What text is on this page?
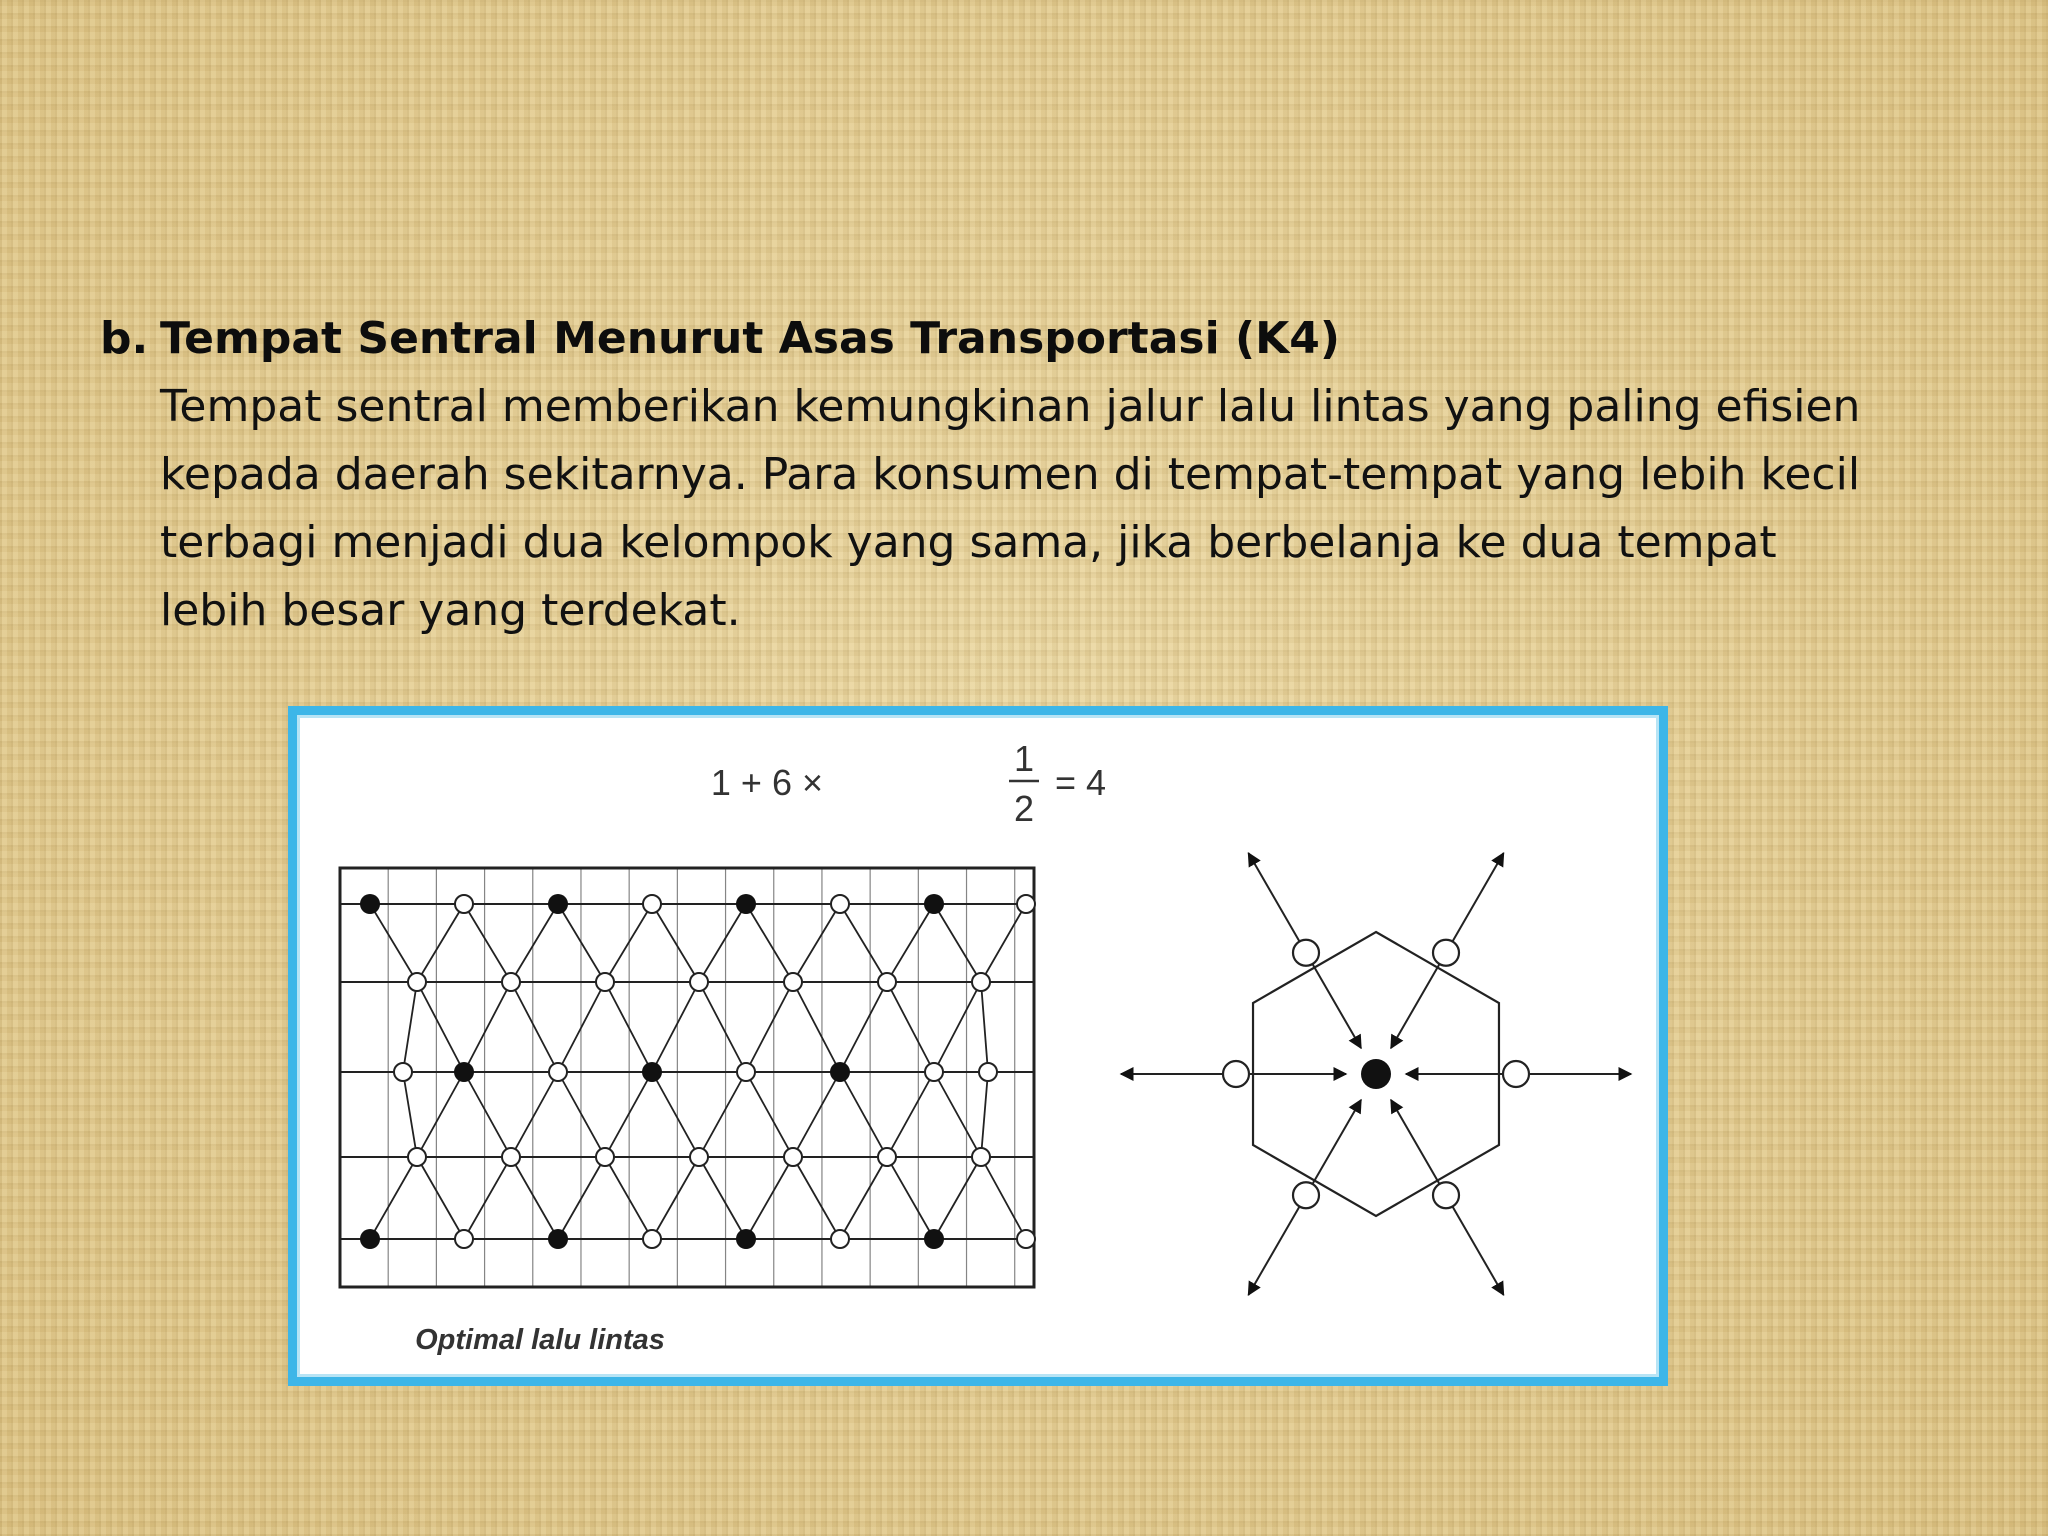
b. Tempat Sentral Menurut Asas Transportasi (K4)
Tempat sentral memberikan kemungkinan jalur lalu lintas yang paling efisien
kepada daerah sekitarnya. Para konsumen di tempat-tempat yang lebih kecil
terbagi menjadi dua kelompok yang sama, jika berbelanja ke dua tempat
lebih besar yang terdekat.
1 + 6 ×
1
2
= 4
Optimal lalu lintas
